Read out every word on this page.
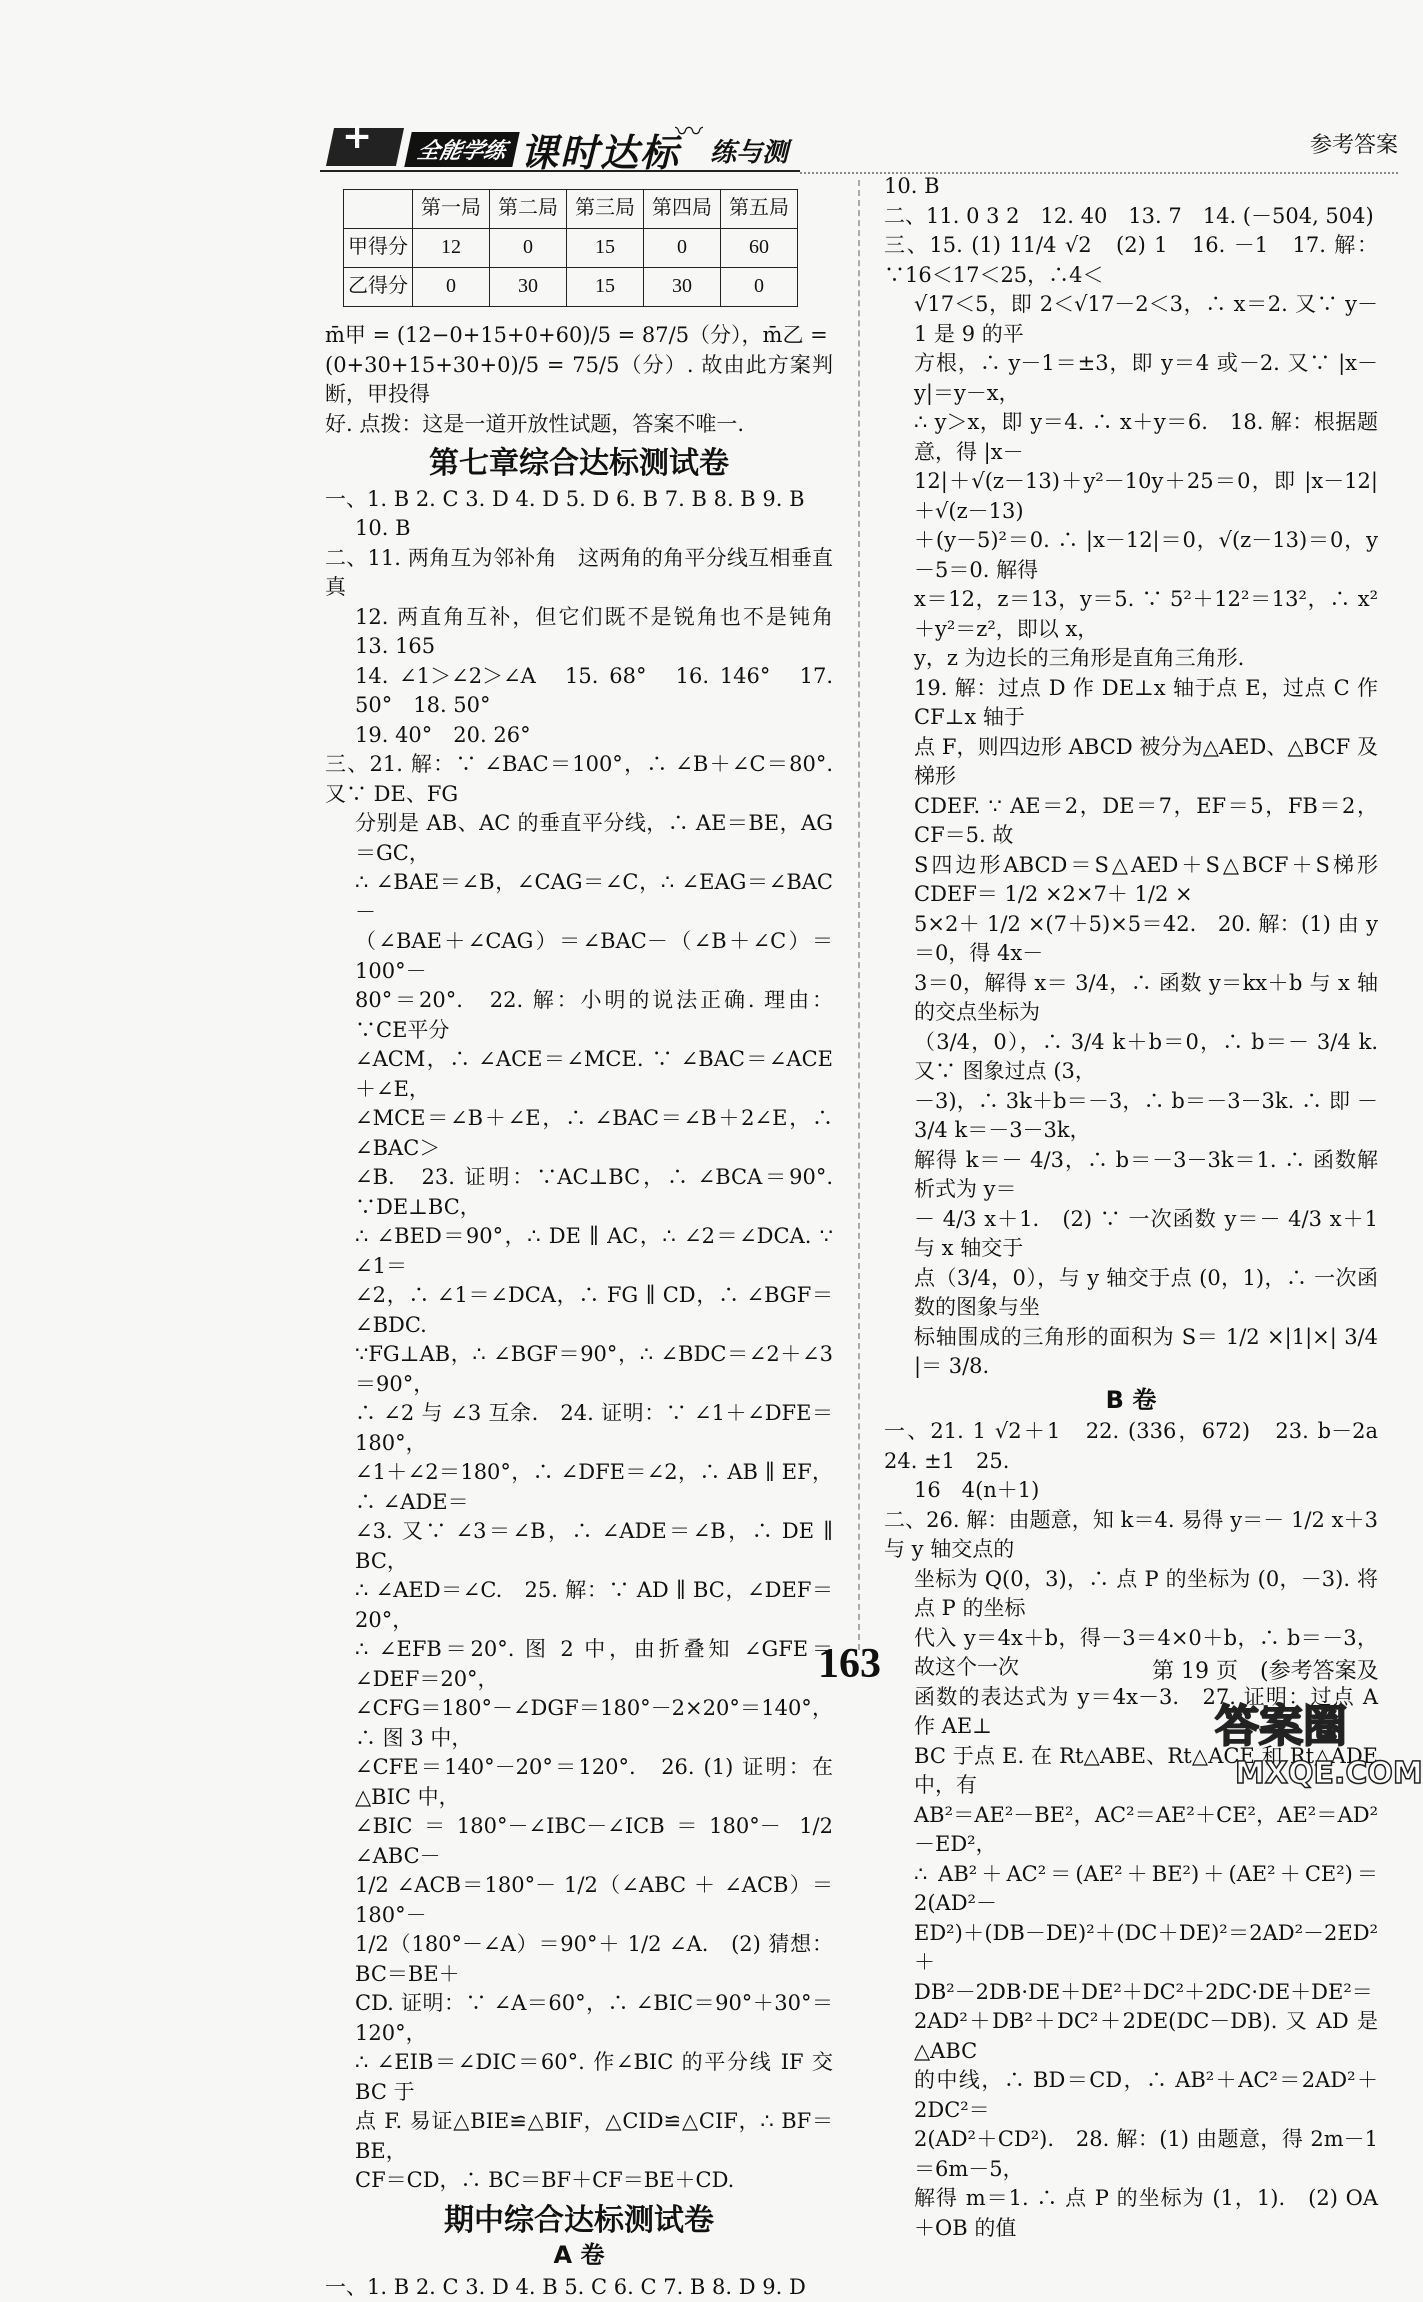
+	全能学练 课时达标
〰
练与测	参考答案
	第一局	第二局	第三局	第四局	第五局
甲得分	12	0	15	0	60
乙得分	0	30	15	30	0

m̄甲 = (12−0+15+0+60)/5 = 87/5（分），m̄乙 =

(0+30+15+30+0)/5 = 75/5（分）. 故由此方案判断，甲投得

好. 点拨：这是一道开放性试题，答案不唯一.

第七章综合达标测试卷

一、1. B 2. C 3. D 4. D 5. D 6. B 7. B 8. B 9. B

10. B

二、11. 两角互为邻补角　这两角的角平分线互相垂直　真

12. 两直角互补，但它们既不是锐角也不是钝角　13. 165

14. ∠1＞∠2＞∠A　15. 68°　16. 146°　17. 50°　18. 50°

19. 40°　20. 26°

三、21. 解：∵ ∠BAC＝100°，∴ ∠B＋∠C＝80°. 又∵ DE、FG

分别是 AB、AC 的垂直平分线，∴ AE＝BE，AG＝GC，

∴ ∠BAE＝∠B，∠CAG＝∠C，∴ ∠EAG＝∠BAC－

（∠BAE＋∠CAG）＝∠BAC－（∠B＋∠C）＝100°－

80°＝20°.　22. 解：小明的说法正确. 理由：∵CE平分

∠ACM，∴ ∠ACE＝∠MCE. ∵ ∠BAC＝∠ACE＋∠E，

∠MCE＝∠B＋∠E，∴ ∠BAC＝∠B＋2∠E，∴ ∠BAC＞

∠B.　23. 证明：∵AC⊥BC，∴ ∠BCA＝90°. ∵DE⊥BC，

∴ ∠BED＝90°，∴ DE ∥ AC，∴ ∠2＝∠DCA. ∵ ∠1＝

∠2，∴ ∠1＝∠DCA，∴ FG ∥ CD，∴ ∠BGF＝∠BDC.

∵FG⊥AB，∴ ∠BGF＝90°，∴ ∠BDC＝∠2＋∠3＝90°，

∴ ∠2 与 ∠3 互余.　24. 证明：∵ ∠1＋∠DFE＝180°，

∠1＋∠2＝180°，∴ ∠DFE＝∠2，∴ AB ∥ EF，∴ ∠ADE＝

∠3. 又∵ ∠3＝∠B，∴ ∠ADE＝∠B，∴ DE ∥ BC，

∴ ∠AED＝∠C.　25. 解：∵ AD ∥ BC，∠DEF＝20°，

∴ ∠EFB＝20°. 图 2 中，由折叠知 ∠GFE＝∠DEF＝20°，

∠CFG＝180°－∠DGF＝180°－2×20°＝140°，∴ 图 3 中，

∠CFE＝140°－20°＝120°.　26. (1) 证明：在△BIC 中，

∠BIC＝180°－∠IBC－∠ICB＝180°－ 1/2 ∠ABC－

1/2 ∠ACB＝180°－ 1/2（∠ABC ＋ ∠ACB）＝ 180°－

1/2（180°－∠A）＝90°＋ 1/2 ∠A.　(2) 猜想：BC＝BE＋

CD. 证明：∵ ∠A＝60°，∴ ∠BIC＝90°＋30°＝120°，

∴ ∠EIB＝∠DIC＝60°. 作∠BIC 的平分线 IF 交 BC 于

点 F. 易证△BIE≌△BIF，△CID≌△CIF，∴ BF＝BE，

CF＝CD，∴ BC＝BF＋CF＝BE＋CD.

期中综合达标测试卷
A 卷

一、1. B 2. C 3. D 4. B 5. C 6. C 7. B 8. D 9. D

10. B

二、11. 0 3 2　12. 40　13. 7　14. (－504, 504)

三、15. (1) 11/4 √2　(2) 1　16. －1　17. 解：∵16＜17＜25，∴4＜

√17＜5，即 2＜√17－2＜3，∴ x＝2. 又∵ y－1 是 9 的平

方根，∴ y－1＝±3，即 y＝4 或－2. 又∵ |x－y|＝y－x，

∴ y＞x，即 y＝4. ∴ x＋y＝6.　18. 解：根据题意，得 |x－

12|＋√(z－13)＋y²－10y＋25＝0，即 |x－12|＋√(z－13)

＋(y－5)²＝0. ∴ |x－12|＝0，√(z－13)＝0，y－5＝0. 解得

x＝12，z＝13，y＝5. ∵ 5²＋12²＝13²，∴ x²＋y²＝z²，即以 x，

y，z 为边长的三角形是直角三角形.

19. 解：过点 D 作 DE⊥x 轴于点 E，过点 C 作 CF⊥x 轴于

点 F，则四边形 ABCD 被分为△AED、△BCF 及梯形

CDEF. ∵ AE＝2，DE＝7，EF＝5，FB＝2，CF＝5. 故

S四边形ABCD＝S△AED＋S△BCF＋S梯形CDEF＝ 1/2 ×2×7＋ 1/2 ×

5×2＋ 1/2 ×(7＋5)×5＝42.　20. 解：(1) 由 y＝0，得 4x－

3＝0，解得 x＝ 3/4，∴ 函数 y＝kx＋b 与 x 轴的交点坐标为

（3/4，0），∴ 3/4 k＋b＝0，∴ b＝－ 3/4 k. 又∵ 图象过点 (3，

－3)，∴ 3k＋b＝－3，∴ b＝－3－3k. ∴ 即 － 3/4 k＝－3－3k，

解得 k＝－ 4/3，∴ b＝－3－3k＝1. ∴ 函数解析式为 y＝

－ 4/3 x＋1.　(2) ∵ 一次函数 y＝－ 4/3 x＋1 与 x 轴交于

点（3/4，0），与 y 轴交于点 (0，1)，∴ 一次函数的图象与坐

标轴围成的三角形的面积为 S＝ 1/2 ×|1|×| 3/4 |＝ 3/8.

B 卷

一、21. 1 √2＋1　22. (336，672)　23. b－2a　24. ±1　25.

16　4(n＋1)

二、26. 解：由题意，知 k＝4. 易得 y＝－ 1/2 x＋3 与 y 轴交点的

坐标为 Q(0，3)，∴ 点 P 的坐标为 (0，－3). 将点 P 的坐标

代入 y＝4x＋b，得－3＝4×0＋b，∴ b＝－3，故这个一次

函数的表达式为 y＝4x－3.　27. 证明：过点 A 作 AE⊥

BC 于点 E. 在 Rt△ABE、Rt△ACE 和 Rt△ADE 中，有

AB²＝AE²－BE²，AC²＝AE²＋CE²，AE²＝AD²－ED²，

∴ AB²＋AC²＝(AE²＋BE²)＋(AE²＋CE²)＝2(AD²－

ED²)＋(DB－DE)²＋(DC＋DE)²＝2AD²－2ED²＋

DB²－2DB·DE＋DE²＋DC²＋2DC·DE＋DE²＝

2AD²＋DB²＋DC²＋2DE(DC－DB). 又 AD 是△ABC

的中线，∴ BD＝CD，∴ AB²＋AC²＝2AD²＋2DC²＝

2(AD²＋CD²).　28. 解：(1) 由题意，得 2m－1＝6m－5，

解得 m＝1. ∴ 点 P 的坐标为 (1，1).　(2) OA＋OB 的值

163	第 19 页　(参考答案及
答案圈
MXQE.COM
